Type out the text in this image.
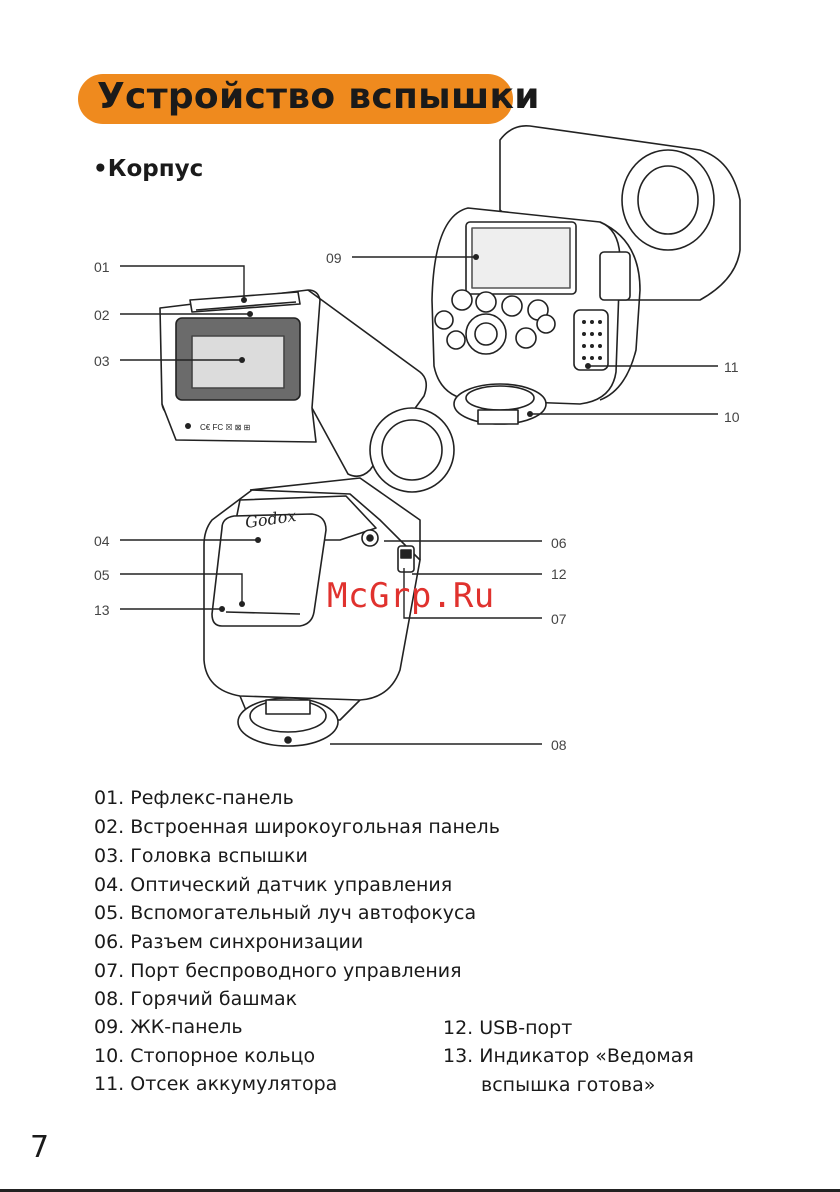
Устройство вспышки
•Корпус
C€ FC ☒ ⊠ ⊞
Godox
01
02
03
04
05
13
09
11
10
06
12
07
08
McGrp.Ru
01. Рефлекс-панель
02. Встроенная широкоугольная панель
03. Головка вспышки
04. Оптический датчик управления
05. Вспомогательный луч автофокуса
06. Разъем синхронизации
07. Порт беспроводного управления
08. Горячий башмак
09. ЖК-панель
10. Стопорное кольцо
11. Отсек аккумулятора
12. USB-порт
13. Индикатор «Ведомая
вспышка готова»
7
